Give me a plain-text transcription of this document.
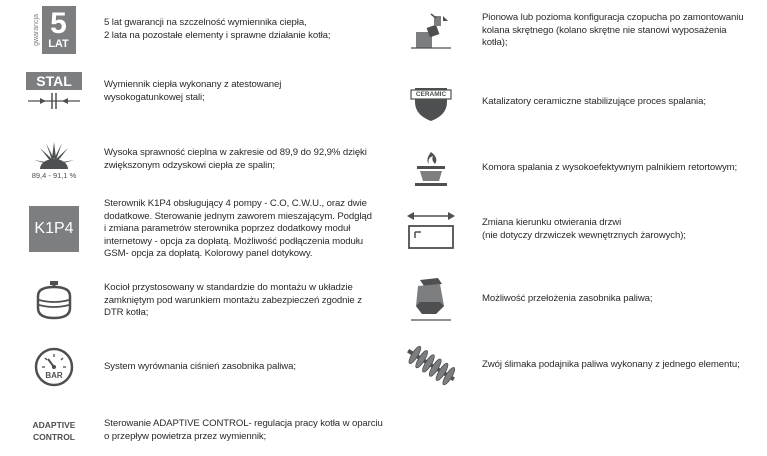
gwarancja 5
LAT
5 lat gwarancji na szczelność wymiennika ciepła,
2 lata na pozostałe elementy i sprawne działanie kotła;
STAL	Wymiennik ciepła wykonany z atestowanej
wysokogatunkowej stali;
89,4 - 91,1 %
Wysoka sprawność cieplna w zakresie od 89,9 do 92,9% dzięki
zwiększonym odzyskowi ciepła ze spalin;
K1P4
Sterownik K1P4 obsługujący 4 pompy - C.O, C.W.U., oraz dwie
dodatkowe. Sterowanie jednym zaworem mieszającym. Podgląd
i zmiana parametrów sterownika poprzez dodatkowy moduł
internetowy - opcja za dopłatą. Możliwość podłączenia modułu
GSM- opcja za dopłatą. Kolorowy panel dotykowy.
Kocioł przystosowany w standardzie do montażu w układzie
zamkniętym pod warunkiem montażu zabezpieczeń zgodnie z
DTR kotła;
BAR
System wyrównania ciśnień zasobnika paliwa;
ADAPTIVE
CONTROL
Sterowanie ADAPTIVE CONTROL- regulacja pracy kotła w oparciu
o przepływ powietrza przez wymiennik;
Pionowa lub pozioma konfiguracja czopucha po zamontowaniu
kolana skrętnego (kolano skrętne nie stanowi wyposażenia
kotła);
CERAMIC
Katalizatory ceramiczne stabilizujące proces spalania;
Komora spalania z wysokoefektywnym palnikiem retortowym;
Zmiana kierunku otwierania drzwi
(nie dotyczy drzwiczek wewnętrznych żarowych);
Możliwość przełożenia zasobnika paliwa;
Zwój ślimaka podajnika paliwa wykonany z jednego elementu;
